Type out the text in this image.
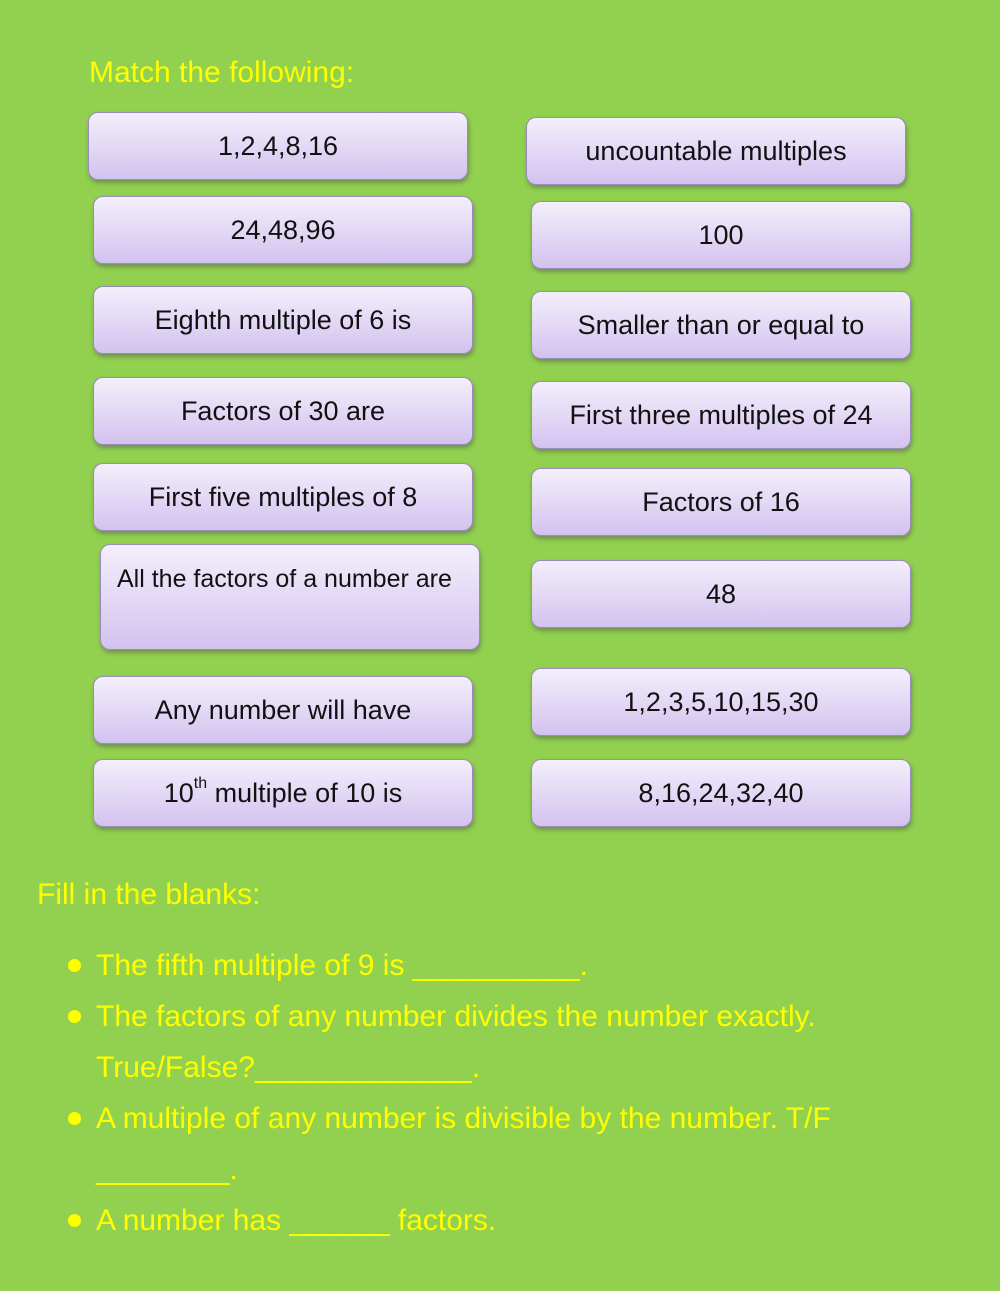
Match the following:
1,2,4,8,16
24,48,96
Eighth multiple of 6 is
Factors of 30 are
First five multiples of 8
All the factors of a number are
Any number will have
10th multiple of 10 is
uncountable multiples
100
Smaller than or equal to
First three multiples of 24
Factors of 16
48
1,2,3,5,10,15,30
8,16,24,32,40
Fill in the blanks:
The fifth multiple of 9 is __________.
The factors of any number divides the number exactly. True/False?_____________.
A multiple of any number is divisible by the number. T/F ________.
A number has ______ factors.
